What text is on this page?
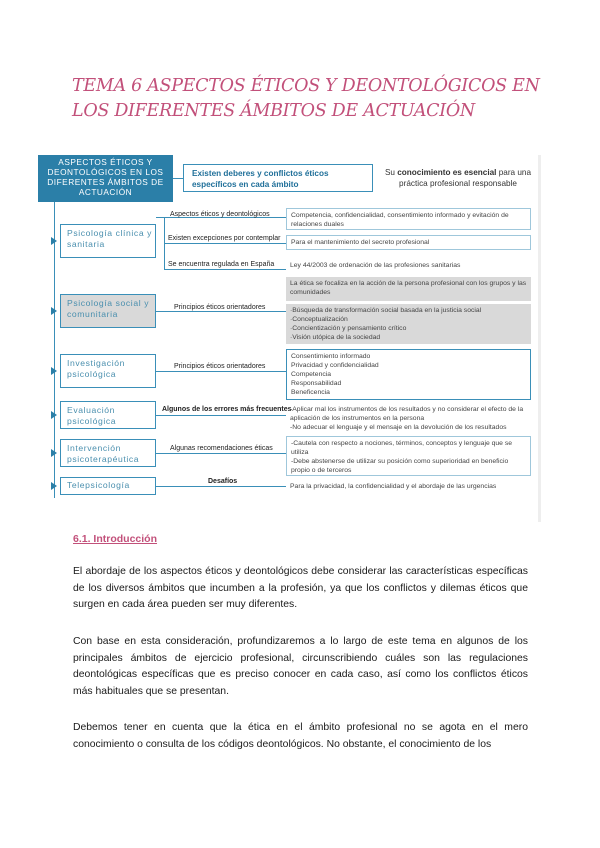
TEMA 6 ASPECTOS ÉTICOS Y DEONTOLÓGICOS EN LOS DIFERENTES ÁMBITOS DE ACTUACIÓN
ASPECTOS ÉTICOS Y DEONTOLÓGICOS EN LOS DIFERENTES ÁMBITOS DE ACTUACIÓN
Existen deberes y conflictos éticos específicos en cada ámbito
Su conocimiento es esencial para una práctica profesional responsable
Psicología clínica y sanitaria
Aspectos éticos y deontológicos
Existen excepciones por contemplar
Se encuentra regulada en España
Competencia, confidencialidad, consentimiento informado y evitación de relaciones duales
Para el mantenimiento del secreto profesional
Ley 44/2003 de ordenación de las profesiones sanitarias
Psicología social y comunitaria
Principios éticos orientadores
La ética se focaliza en la acción de la persona profesional con los grupos y las comunidades
·Búsqueda de transformación social basada en la justicia social
·Conceptualización
·Concientización y pensamiento crítico
·Visión utópica de la sociedad
Investigación psicológica
Principios éticos orientadores
Consentimiento informado
Privacidad y confidencialidad
Competencia
Responsabilidad
Beneficencia
Evaluación psicológica
Algunos de los errores más frecuentes
-Aplicar mal los instrumentos de los resultados y no considerar el efecto de la aplicación de los instrumentos en la persona
-No adecuar el lenguaje y el mensaje en la devolución de los resultados
Intervención psicoterapéutica
Algunas recomendaciones éticas
-Cautela con respecto a nociones, términos, conceptos y lenguaje que se utiliza
-Debe abstenerse de utilizar su posición como superioridad en beneficio propio o de terceros
Telepsicología	Desafíos
Para la privacidad, la confidencialidad y el abordaje de las urgencias
6.1. Introducción
El abordaje de los aspectos éticos y deontológicos debe considerar las características específicas de los diversos ámbitos que incumben a la profesión, ya que los conflictos y dilemas éticos que surgen en cada área pueden ser muy diferentes.
Con base en esta consideración, profundizaremos a lo largo de este tema en algunos de los principales ámbitos de ejercicio profesional, circunscribiendo cuáles son las regulaciones deontológicas específicas que es preciso conocer en cada caso, así como los conflictos éticos más habituales que se presentan.
Debemos tener en cuenta que la ética en el ámbito profesional no se agota en el mero conocimiento o consulta de los códigos deontológicos. No obstante, el conocimiento de los
